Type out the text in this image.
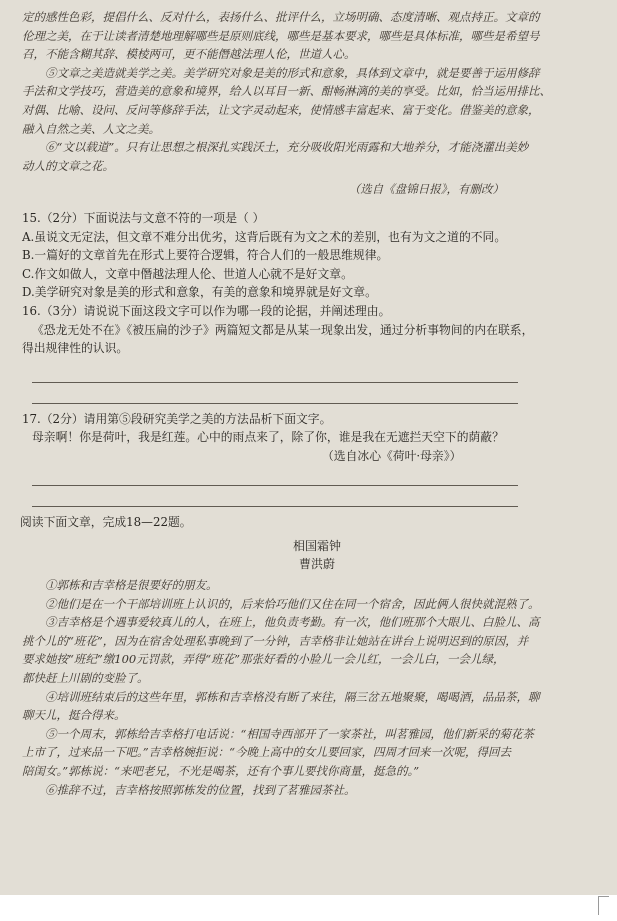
定的感性色彩，提倡什么、反对什么，表扬什么、批评什么，立场明确、态度清晰、观点持正。文章的
伦理之美，在于让读者清楚地理解哪些是原则底线，哪些是基本要求，哪些是具体标准，哪些是希望号
召，不能含糊其辞、模棱两可，更不能僭越法理人伦，世道人心。
⑤文章之美造就美学之美。美学研究对象是美的形式和意象，具体到文章中，就是要善于运用修辞
手法和文学技巧，营造美的意象和境界，给人以耳目一新、酣畅淋漓的美的享受。比如，恰当运用排比、
对偶、比喻、设问、反问等修辞手法，让文字灵动起来，使情感丰富起来、富于变化。借鉴美的意象，
融入自然之美、人文之美。
⑥“文以载道”。只有让思想之根深扎实践沃土，充分吸收阳光雨露和大地养分，才能浇灌出美妙
动人的文章之花。
（选自《盘锦日报》，有删改）
15.（2分）下面说法与文意不符的一项是（ ）
A.虽说文无定法，但文章不难分出优劣，这背后既有为文之术的差别，也有为文之道的不同。
B.一篇好的文章首先在形式上要符合逻辑，符合人们的一般思维规律。
C.作文如做人，文章中僭越法理人伦、世道人心就不是好文章。
D.美学研究对象是美的形式和意象，有美的意象和境界就是好文章。
16.（3分）请说说下面这段文字可以作为哪一段的论据，并阐述理由。
《恐龙无处不在》《被压扁的沙子》两篇短文都是从某一现象出发，通过分析事物间的内在联系，
得出规律性的认识。
17.（2分）请用第⑤段研究美学之美的方法品析下面文字。
母亲啊！你是荷叶，我是红莲。心中的雨点来了，除了你，谁是我在无遮拦天空下的荫蔽？
（选自冰心《荷叶·母亲》）
阅读下面文章，完成18—22题。
相国霜钟
曹洪蔚
①郭栋和吉幸格是很要好的朋友。
②他们是在一个干部培训班上认识的，后来恰巧他们又住在同一个宿舍，因此俩人很快就混熟了。
③吉幸格是个遇事爱较真儿的人，在班上，他负责考勤。有一次，他们班那个大眼儿、白脸儿、高
挑个儿的“班花”，因为在宿舍处理私事晚到了一分钟，吉幸格非让她站在讲台上说明迟到的原因，并
要求她按“班纪”缴100元罚款，弄得“班花”那张好看的小脸儿一会儿红，一会儿白，一会儿绿，
都快赶上川剧的变脸了。
④培训班结束后的这些年里，郭栋和吉幸格没有断了来往，隔三岔五地聚聚，喝喝酒，品品茶，聊
聊天儿，挺合得来。
⑤一个周末，郭栋给吉幸格打电话说：“相国寺西部开了一家茶社，叫茗雅园，他们新采的菊花茶
上市了，过来品一下吧。”吉幸格婉拒说：“今晚上高中的女儿要回家，四周才回来一次呢，得回去
陪闺女。”郭栋说：“来吧老兄，不光是喝茶，还有个事儿要找你商量，挺急的。”
⑥推辞不过，吉幸格按照郭栋发的位置，找到了茗雅园茶社。
